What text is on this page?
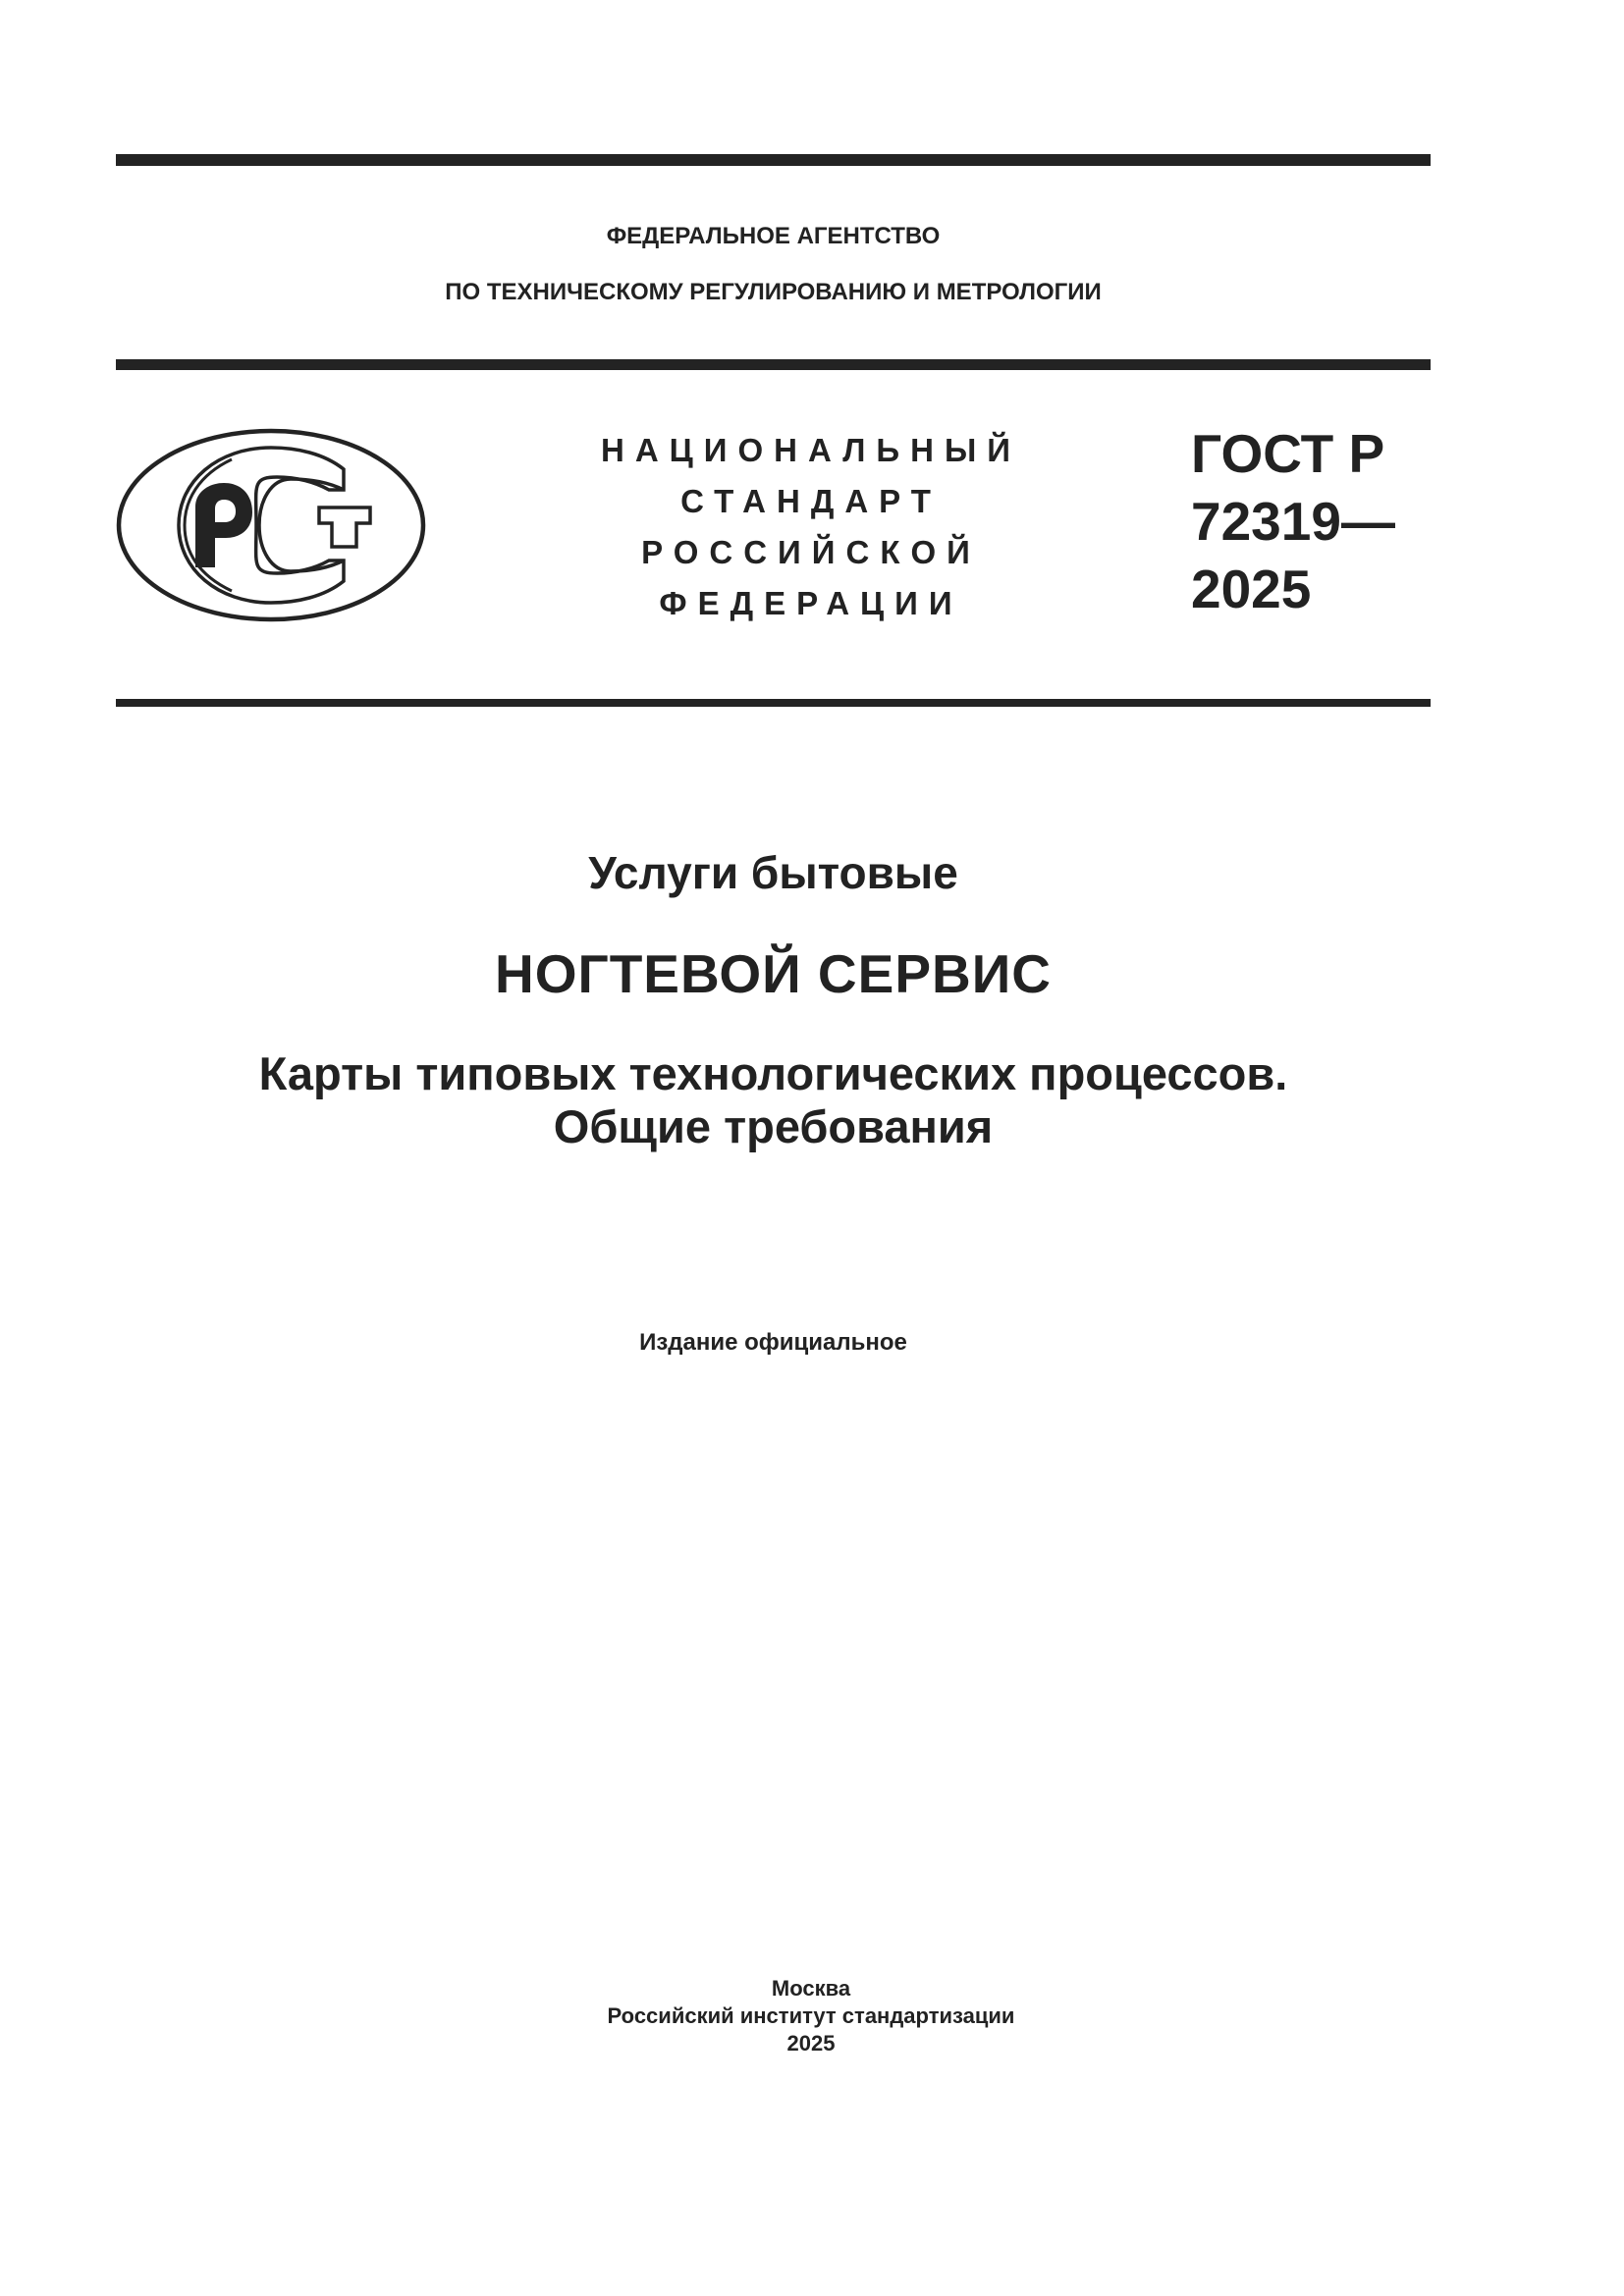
ФЕДЕРАЛЬНОЕ АГЕНТСТВО
ПО ТЕХНИЧЕСКОМУ РЕГУЛИРОВАНИЮ И МЕТРОЛОГИИ
НАЦИОНАЛЬНЫЙ
СТАНДАРТ
РОССИЙСКОЙ
ФЕДЕРАЦИИ
ГОСТ Р
72319—
2025
Услуги бытовые
НОГТЕВОЙ СЕРВИС
Карты типовых технологических процессов.
Общие требования
Издание официальное
Москва
Российский институт стандартизации
2025
